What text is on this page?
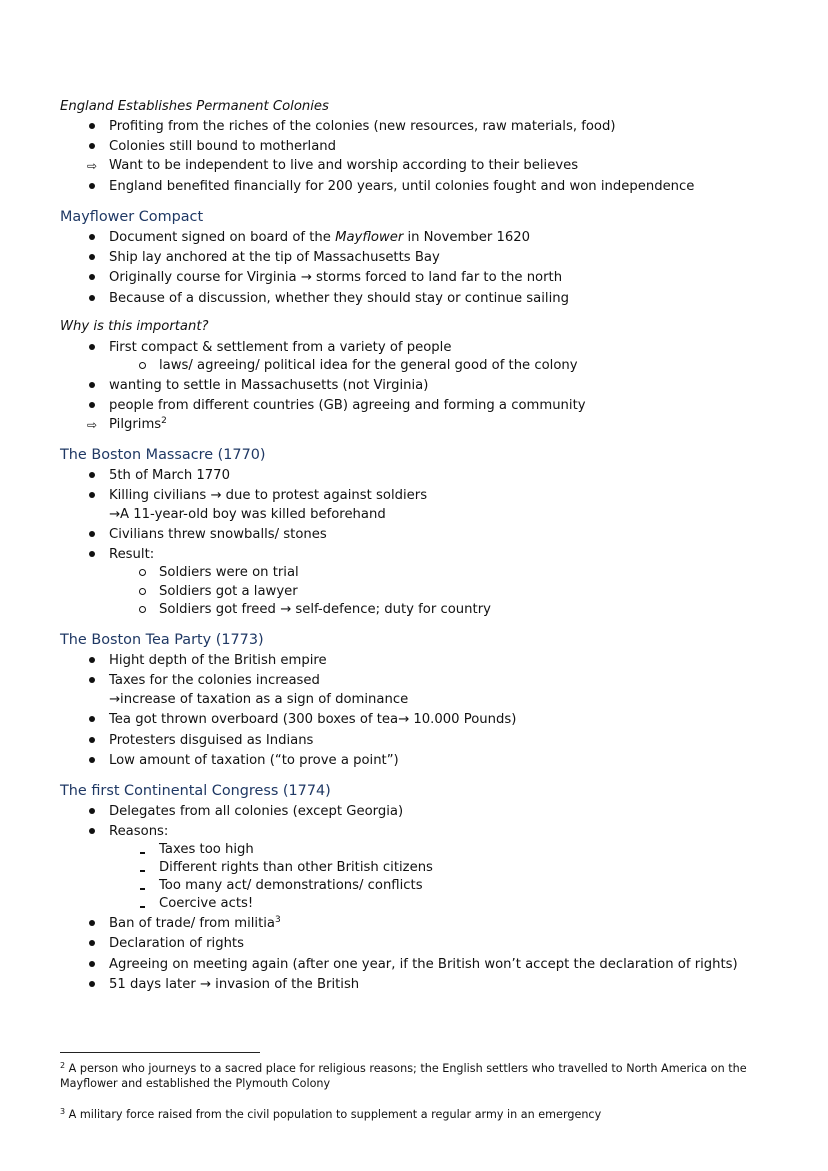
England Establishes Permanent Colonies
Profiting from the riches of the colonies (new resources, raw materials, food)
Colonies still bound to motherland
⇨ Want to be independent to live and worship according to their believes
England benefited financially for 200 years, until colonies fought and won independence
Mayflower Compact
Document signed on board of the Mayflower in November 1620
Ship lay anchored at the tip of Massachusetts Bay
Originally course for Virginia → storms forced to land far to the north
Because of a discussion, whether they should stay or continue sailing
Why is this important?
First compact & settlement from a variety of people
laws/ agreeing/ political idea for the general good of the colony
wanting to settle in Massachusetts (not Virginia)
people from different countries (GB) agreeing and forming a community
⇨ Pilgrims$^2$
The Boston Massacre (1770)
5th of March 1770
Killing civilians → due to protest against soldiers
→A 11-year-old boy was killed beforehand
Civilians threw snowballs/ stones
Result:
Soldiers were on trial
Soldiers got a lawyer
Soldiers got freed → self-defence; duty for country
The Boston Tea Party (1773)
Hight depth of the British empire
Taxes for the colonies increased
→increase of taxation as a sign of dominance
Tea got thrown overboard (300 boxes of tea→ 10.000 Pounds)
Protesters disguised as Indians
Low amount of taxation (“to prove a point”)
The first Continental Congress (1774)
Delegates from all colonies (except Georgia)
Reasons:
Taxes too high
Different rights than other British citizens
Too many act/ demonstrations/ conflicts
Coercive acts!
Ban of trade/ from militia$^3$
Declaration of rights
Agreeing on meeting again (after one year, if the British won’t accept the declaration of rights)
51 days later → invasion of the British
$^2$ A person who journeys to a sacred place for religious reasons; the English settlers who travelled to North America on the Mayflower and established the Plymouth Colony
$^3$ A military force raised from the civil population to supplement a regular army in an emergency
